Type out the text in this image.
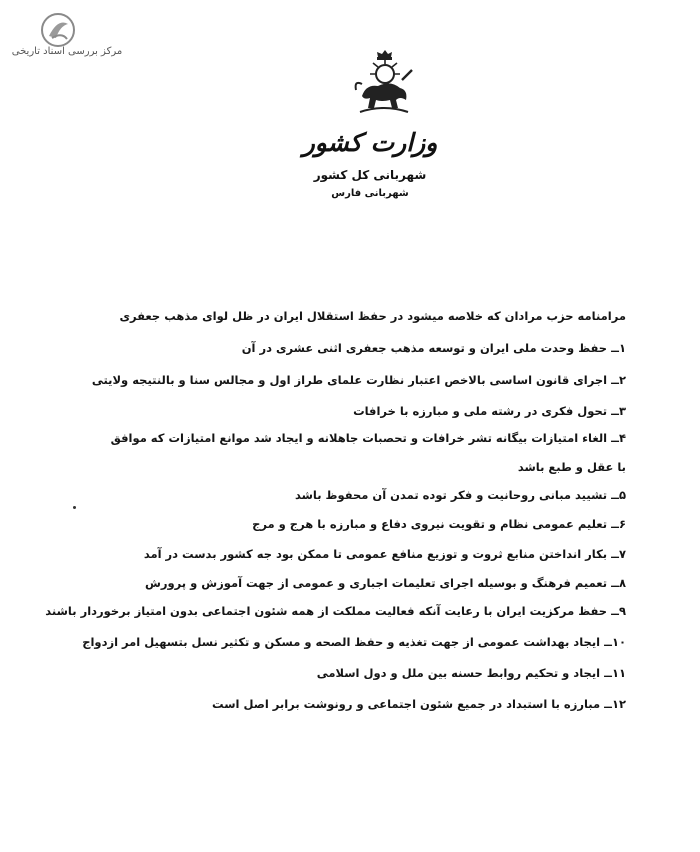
مرکز بررسی اسناد تاریخی
وزارت کشور
شهربانی کل کشور
شهربانی فارس
مرامنامه حزب مرادان که خلاصه میشود در حفظ استقلال ایران در ظل لوای مذهب جعفری
۱ــ حفظ وحدت ملی ایران و توسعه مذهب جعفری اثنی عشری در آن
۲ــ اجرای قانون اساسی بالاخص اعتبار نظارت علمای طراز اول و مجالس سنا و بالنتیجه ولایتی
۳ــ تحول فکری در رشته ملی و مبارزه با خرافات
۴ــ الغاء امتیازات بیگانه تشر خرافات و تحصبات جاهلانه و ایجاد شد موانع امتیازات که موافق
با عقل و طبع باشد
۵ــ تشیید مبانی روحانیت و فکر توده تمدن آن محفوظ باشد
۶ــ تعلیم عمومی نظام و تقویت نیروی دفاع و مبارزه با هرج و مرج
۷ــ بکار انداختن منابع ثروت و توزیع منافع عمومی تا ممکن بود جه کشور بدست در آمد
۸ــ تعمیم فرهنگ و بوسیله اجرای تعلیمات اجباری و عمومی از جهت آموزش و پرورش
۹ــ حفظ مرکزیت ایران با رعایت آنکه فعالیت مملکت از همه شئون اجتماعی بدون امتیاز برخوردار باشند
۱۰ــ ایجاد بهداشت عمومی از جهت تغذیه و حفظ الصحه و مسکن و تکثیر نسل بتسهیل امر ازدواج
۱۱ــ ایجاد و تحکیم روابط حسنه بین ملل و دول اسلامی
۱۲ــ مبارزه با استبداد در جمیع شئون اجتماعی و رونوشت برابر اصل است
